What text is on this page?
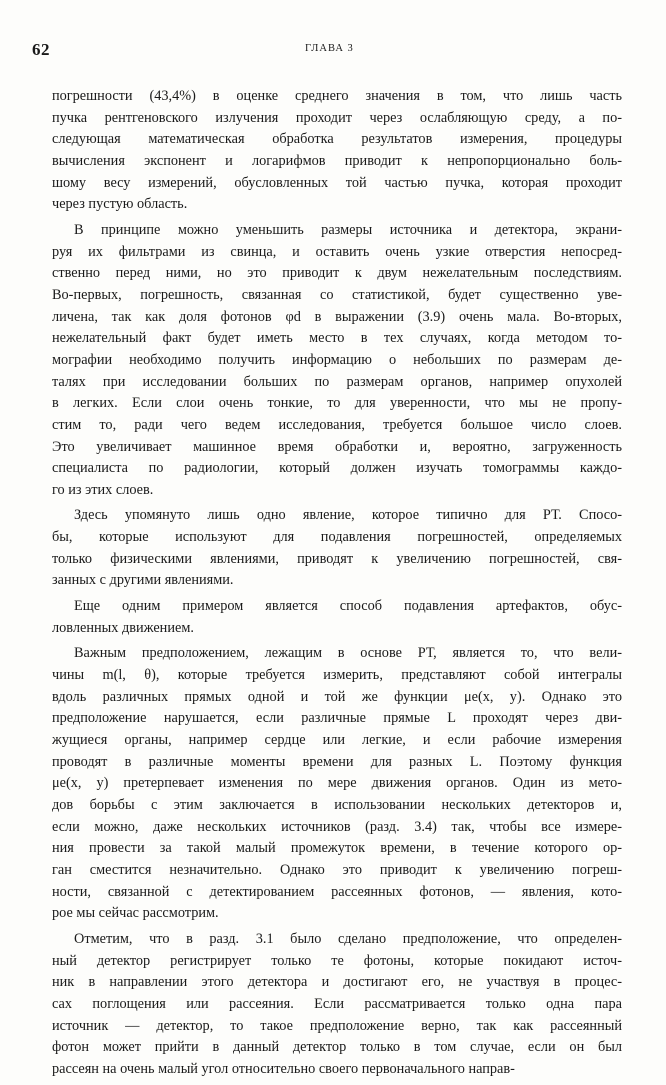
62	ГЛАВА 3
погрешности (43,4%) в оценке среднего значения в том, что лишь часть
пучка рентгеновского излучения проходит через ослабляющую среду, а по-
следующая математическая обработка результатов измерения, процедуры
вычисления экспонент и логарифмов приводит к непропорционально боль-
шому весу измерений, обусловленных той частью пучка, которая проходит
через пустую область.
В принципе можно уменьшить размеры источника и детектора, экрани-
руя их фильтрами из свинца, и оставить очень узкие отверстия непосред-
ственно перед ними, но это приводит к двум нежелательным последствиям.
Во-первых, погрешность, связанная со статистикой, будет существенно уве-
личена, так как доля фотонов φd в выражении (3.9) очень мала. Во-вторых,
нежелательный факт будет иметь место в тех случаях, когда методом то-
мографии необходимо получить информацию о небольших по размерам де-
талях при исследовании больших по размерам органов, например опухолей
в легких. Если слои очень тонкие, то для уверенности, что мы не пропу-
стим то, ради чего ведем исследования, требуется большое число слоев.
Это увеличивает машинное время обработки и, вероятно, загруженность
специалиста по радиологии, который должен изучать томограммы каждо-
го из этих слоев.
Здесь упомянуто лишь одно явление, которое типично для РТ. Спосо-
бы, которые используют для подавления погрешностей, определяемых
только физическими явлениями, приводят к увеличению погрешностей, свя-
занных с другими явлениями.
Еще одним примером является способ подавления артефактов, обус-
ловленных движением.
Важным предположением, лежащим в основе РТ, является то, что вели-
чины m(l, θ), которые требуется измерить, представляют собой интегралы
вдоль различных прямых одной и той же функции μe(x, y). Однако это
предположение нарушается, если различные прямые L проходят через дви-
жущиеся органы, например сердце или легкие, и если рабочие измерения
проводят в различные моменты времени для разных L. Поэтому функция
μe(x, y) претерпевает изменения по мере движения органов. Один из мето-
дов борьбы с этим заключается в использовании нескольких детекторов и,
если можно, даже нескольких источников (разд. 3.4) так, чтобы все измере-
ния провести за такой малый промежуток времени, в течение которого ор-
ган сместится незначительно. Однако это приводит к увеличению погреш-
ности, связанной с детектированием рассеянных фотонов, — явления, кото-
рое мы сейчас рассмотрим.
Отметим, что в разд. 3.1 было сделано предположение, что определен-
ный детектор регистрирует только те фотоны, которые покидают источ-
ник в направлении этого детектора и достигают его, не участвуя в процес-
сах поглощения или рассеяния. Если рассматривается только одна пара
источник — детектор, то такое предположение верно, так как рассеянный
фотон может прийти в данный детектор только в том случае, если он был
рассеян на очень малый угол относительно своего первоначального направ-
